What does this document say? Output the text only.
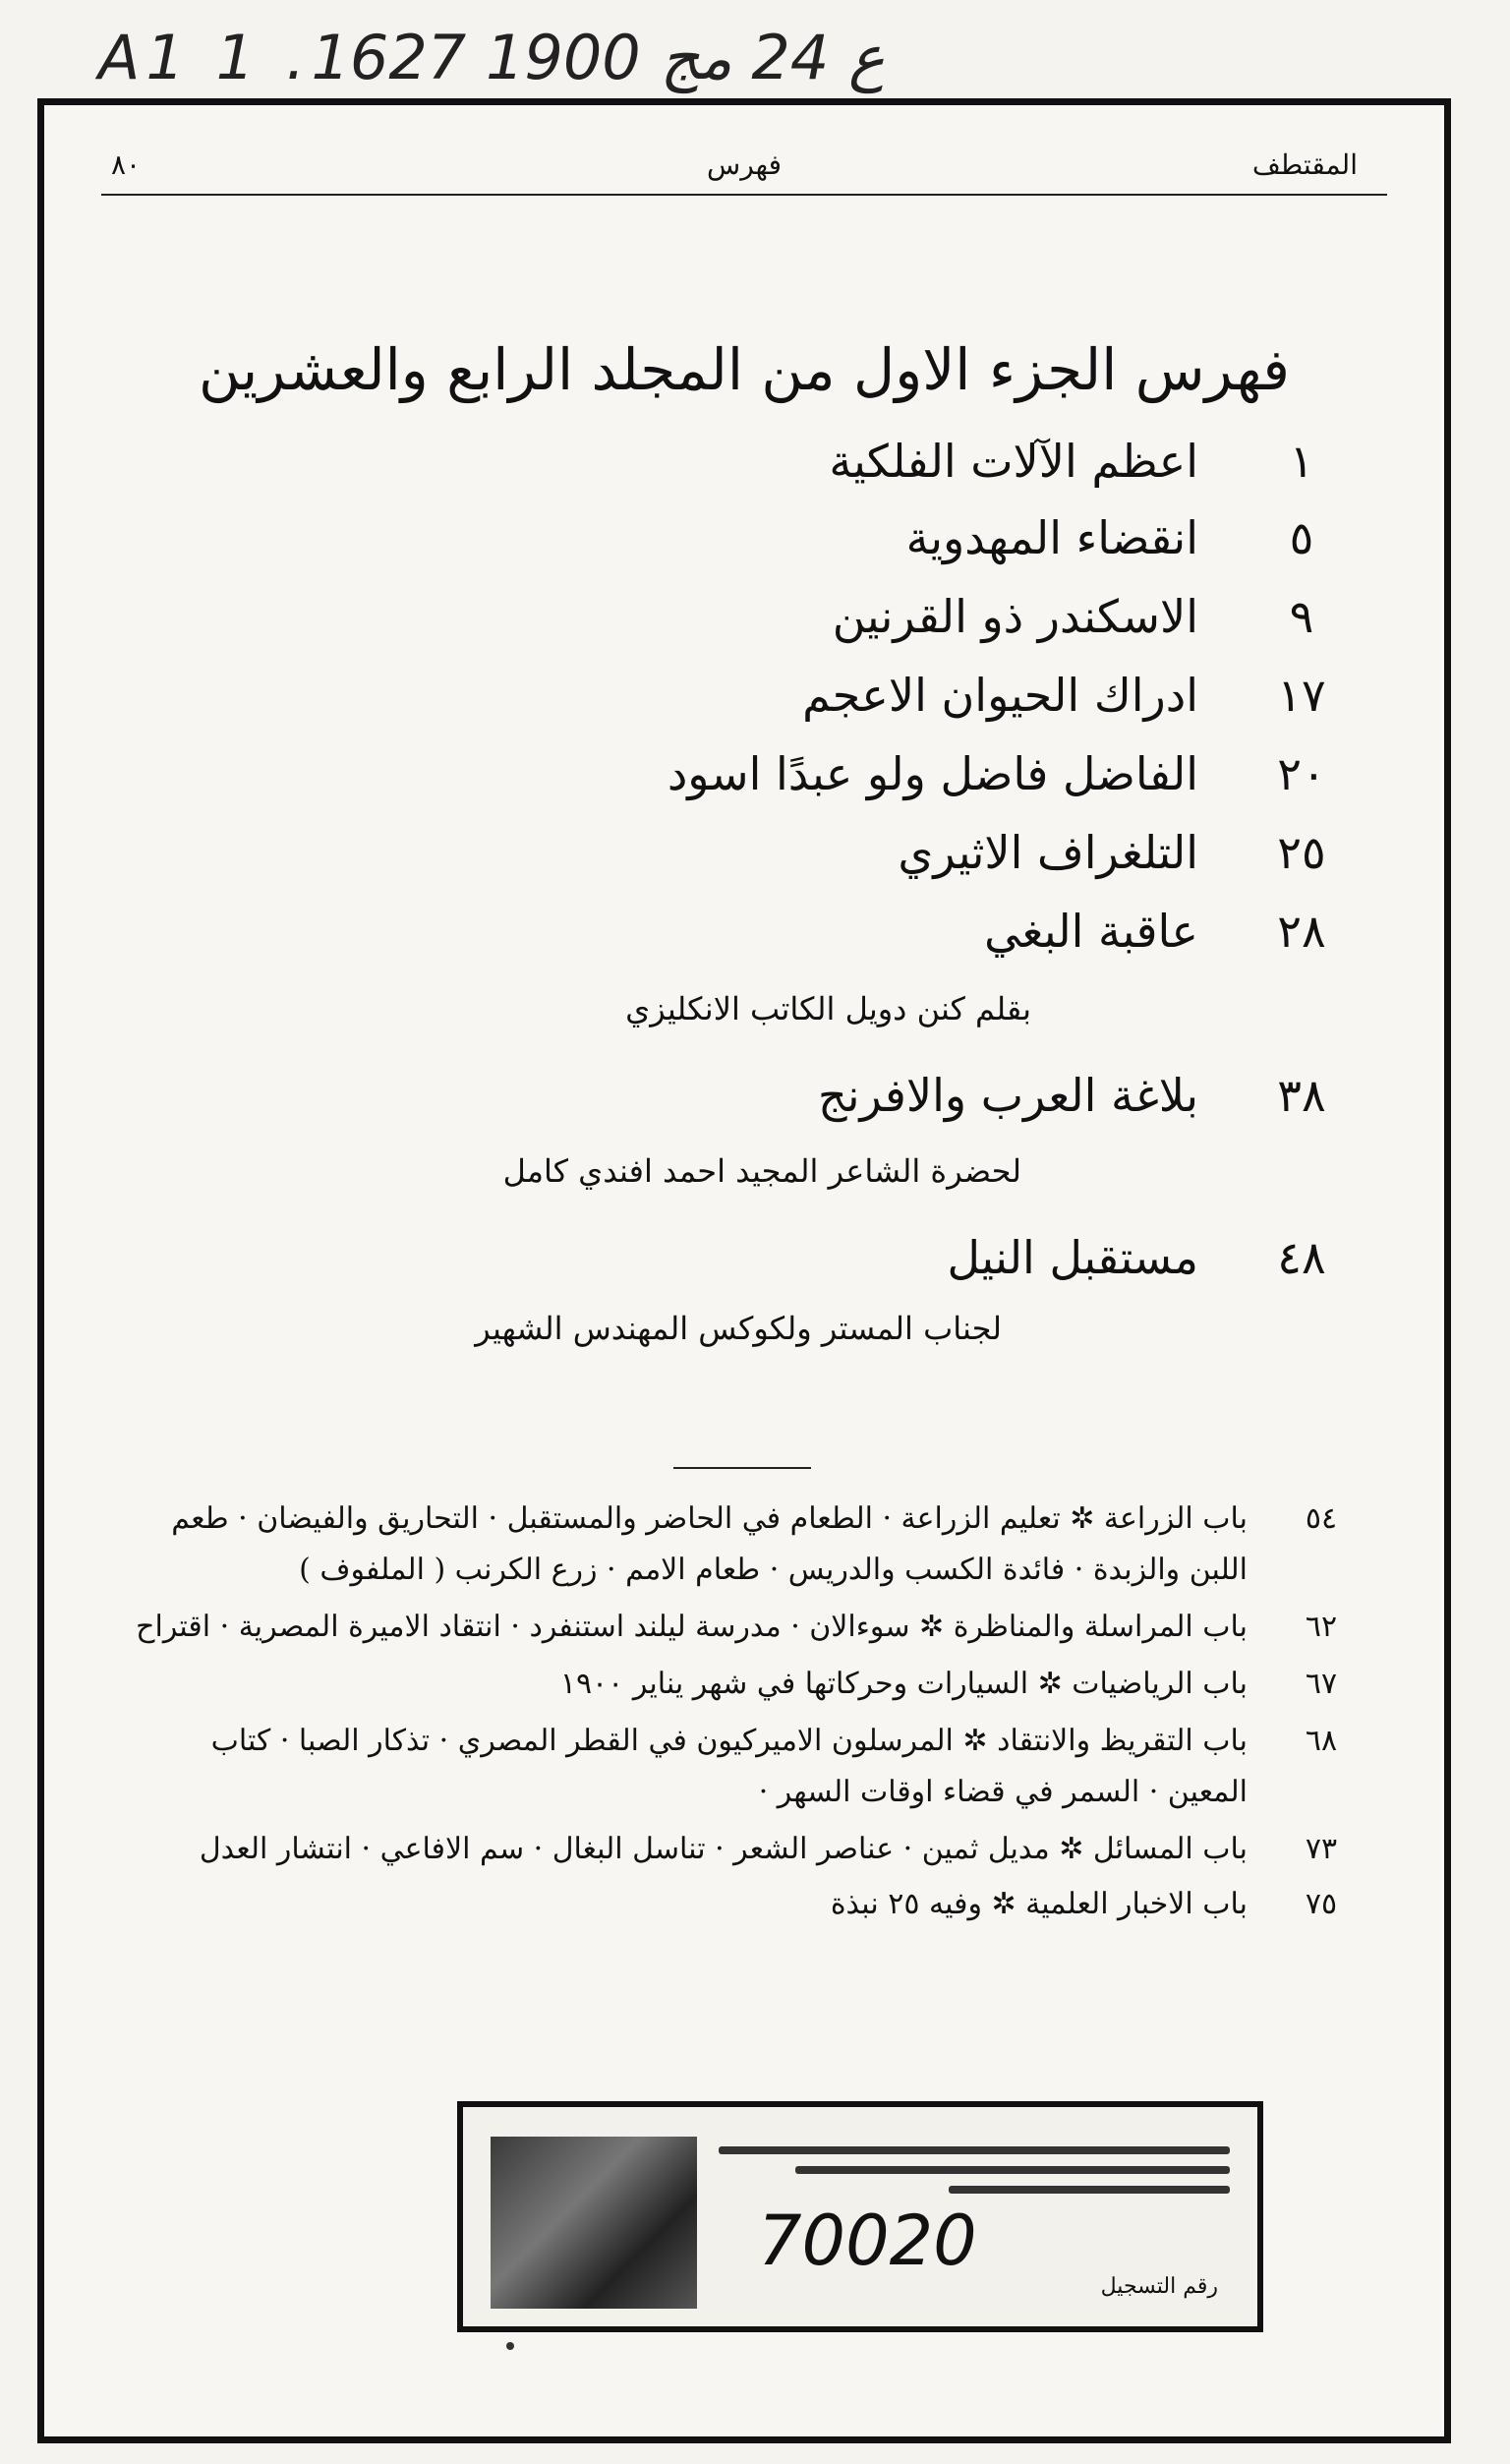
A1 1 .ع 24 مج 1900 1627
المقتطف
فهرس
٨٠
فهرس الجزء الاول من المجلد الرابع والعشرين
١
اعظم الآلات الفلكية
٥
انقضاء المهدوية
٩
الاسكندر ذو القرنين
١٧
ادراك الحيوان الاعجم
٢٠
الفاضل فاضل ولو عبدًا اسود
٢٥
التلغراف الاثيري
٢٨
عاقبة البغي
بقلم كنن دويل الكاتب الانكليزي
٣٨
بلاغة العرب والافرنج
لحضرة الشاعر المجيد احمد افندي كامل
٤٨
مستقبل النيل
لجناب المستر ولكوكس المهندس الشهير
٥٤
باب الزراعة ✲ تعليم الزراعة · الطعام في الحاضر والمستقبل · التحاريق والفيضان · طعم
اللبن والزبدة · فائدة الكسب والدريس · طعام الامم · زرع الكرنب ( الملفوف )
٦٢
باب المراسلة والمناظرة ✲ سوءالان · مدرسة ليلند استنفرد · انتقاد الاميرة المصرية · اقتراح
٦٧
باب الرياضيات ✲ السيارات وحركاتها في شهر يناير ١٩٠٠
٦٨
باب التقريظ والانتقاد ✲ المرسلون الاميركيون في القطر المصري · تذكار الصبا · كتاب
المعين · السمر في قضاء اوقات السهر ·
٧٣
باب المسائل ✲ مديل ثمين · عناصر الشعر · تناسل البغال · سم الافاعي · انتشار العدل
٧٥
باب الاخبار العلمية ✲ وفيه ٢٥ نبذة
70020
رقم التسجيل
